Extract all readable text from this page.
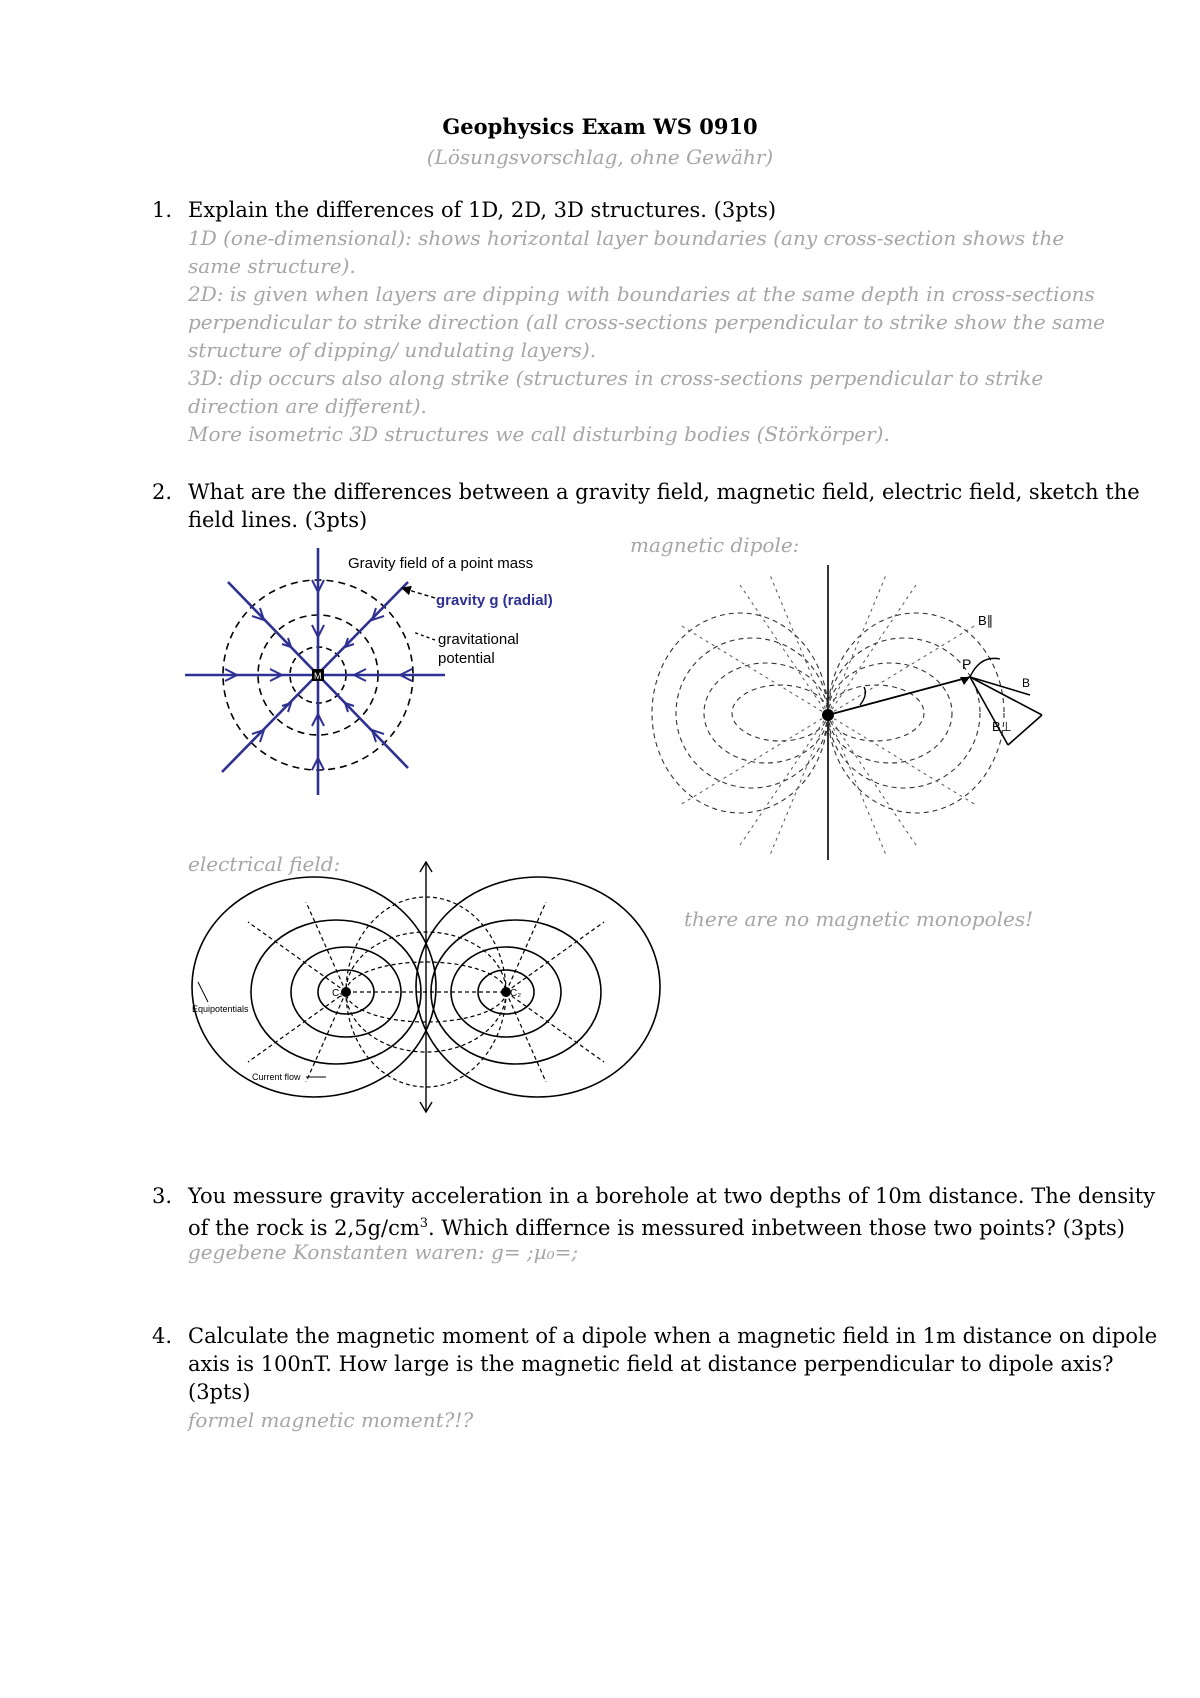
Geophysics Exam WS 0910
(Lösungsvorschlag, ohne Gewähr)
1. Explain the differences of 1D, 2D, 3D structures. (3pts)
1D (one-dimensional): shows horizontal layer boundaries (any cross-section shows the
same structure).
2D: is given when layers are dipping with boundaries at the same depth in cross-sections
perpendicular to strike direction (all cross-sections perpendicular to strike show the same
structure of dipping/ undulating layers).
3D: dip occurs also along strike (structures in cross-sections perpendicular to strike
direction are different).
More isometric 3D structures we call disturbing bodies (Störkörper).
2. What are the differences between a gravity field, magnetic field, electric field, sketch the
field lines. (3pts)
magnetic dipole:
M
Gravity field of a point mass
gravity g (radial)
gravitational
potential	P
B
B⊥
B∥
electrical field:
there are no magnetic monopoles!
C₁	C₂
Equipotentials
Current flow
3. You messure gravity acceleration in a borehole at two depths of 10m distance. The density
of the rock is $2,5g/cm^3$. Which differnce is messured inbetween those two points? (3pts)
gegebene Konstanten waren: g= ;µ₀=;
4. Calculate the magnetic moment of a dipole when a magnetic field in 1m distance on dipole
axis is 100nT. How large is the magnetic field at distance perpendicular to dipole axis?
(3pts)
formel magnetic moment?!?
